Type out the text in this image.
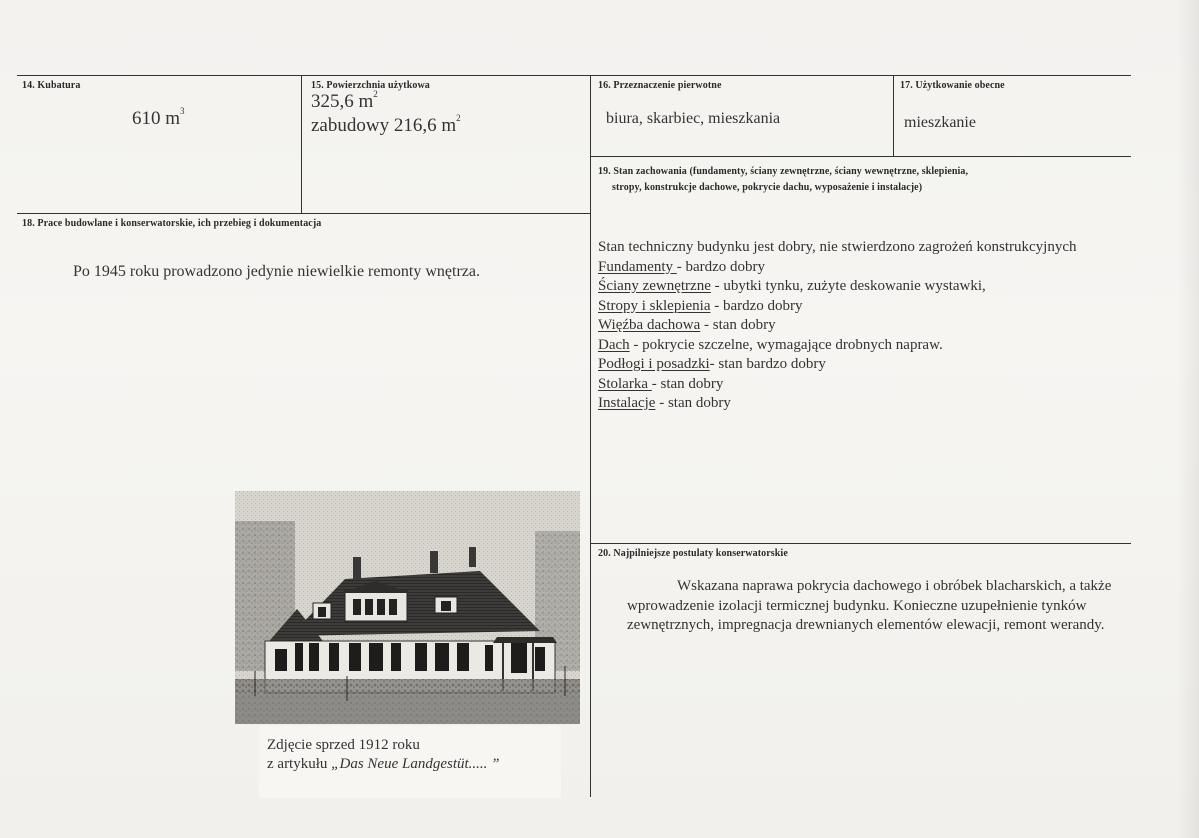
14. Kubatura
610 $m^3$
15. Powierzchnia użytkowa
325,6 $m^2$
zabudowy 216,6 $m^2$
16. Przeznaczenie pierwotne
biura, skarbiec, mieszkania
17. Użytkowanie obecne
mieszkanie
19. Stan zachowania (fundamenty, ściany zewnętrzne, ściany wewnętrzne, sklepienia,
stropy, konstrukcje dachowe, pokrycie dachu, wyposażenie i instalacje)
Stan techniczny budynku jest dobry, nie stwierdzono zagrożeń konstrukcyjnych
Fundamenty - bardzo dobry
Ściany zewnętrzne - ubytki tynku, zużyte deskowanie wystawki,
Stropy i sklepienia - bardzo dobry
Więźba dachowa - stan dobry
Dach - pokrycie szczelne, wymagające drobnych napraw.
Podłogi i posadzki- stan bardzo dobry
Stolarka - stan dobry
Instalacje - stan dobry
18. Prace budowlane i konserwatorskie, ich przebieg i dokumentacja
Po 1945 roku prowadzono jedynie niewielkie remonty wnętrza.
20. Najpilniejsze postulaty konserwatorskie
Wskazana naprawa pokrycia dachowego i obróbek blacharskich, a także wprowadzenie izolacji termicznej budynku. Konieczne uzupełnienie tynków zewnętrznych, impregnacja drewnianych elementów elewacji, remont werandy.
Zdjęcie sprzed 1912 roku
z artykułu „Das Neue Landgestüt..... ”
